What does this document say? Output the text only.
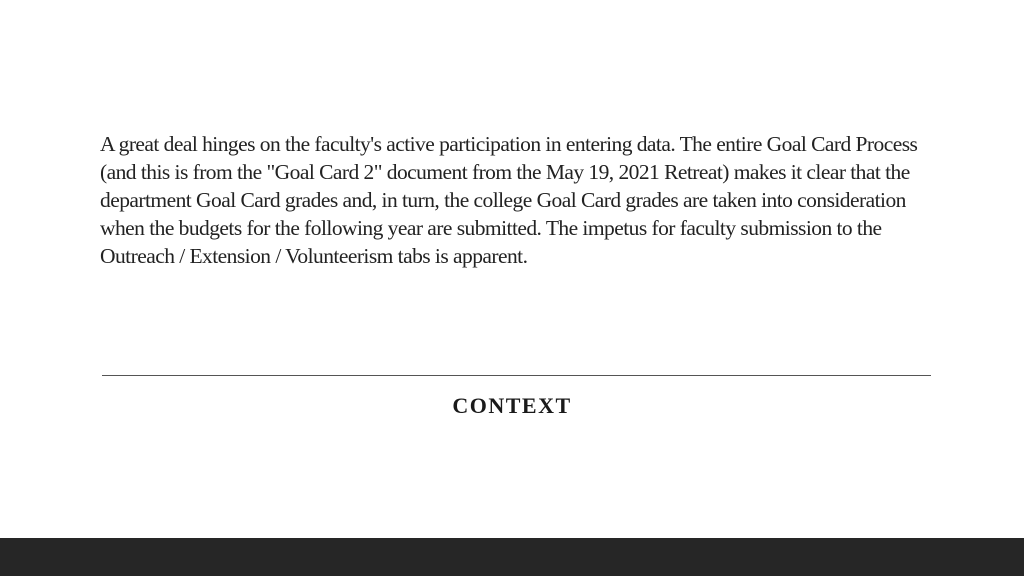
A great deal hinges on the faculty's active participation in entering data. The entire Goal Card Process (and this is from the "Goal Card 2" document from the May 19, 2021 Retreat) makes it clear that the department Goal Card grades and, in turn, the college Goal Card grades are taken into consideration when the budgets for the following year are submitted. The impetus for faculty submission to the Outreach / Extension / Volunteerism tabs is apparent.

CONTEXT
